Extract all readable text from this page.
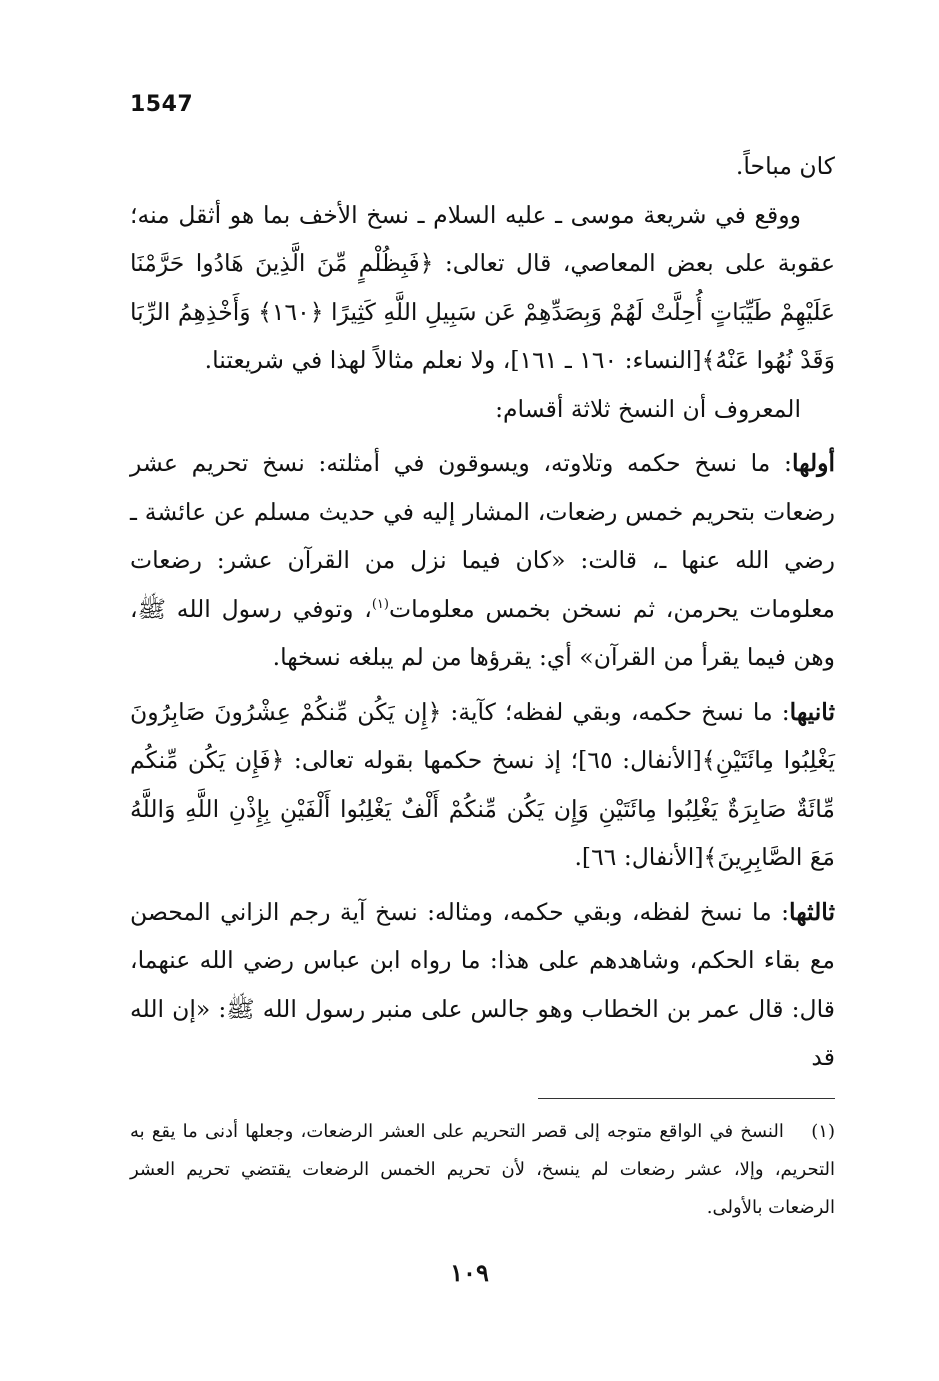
1547

كان مباحاً.

ووقع في شريعة موسى ـ عليه السلام ـ نسخ الأخف بما هو أثقل منه؛ عقوبة على بعض المعاصي، قال تعالى: ﴿فَبِظُلْمٍ مِّنَ الَّذِينَ هَادُوا حَرَّمْنَا عَلَيْهِمْ طَيِّبَاتٍ أُحِلَّتْ لَهُمْ وَبِصَدِّهِمْ عَن سَبِيلِ اللَّهِ كَثِيرًا ﴿١٦٠﴾ وَأَخْذِهِمُ الرِّبَا وَقَدْ نُهُوا عَنْهُ﴾[النساء: ١٦٠ ـ ١٦١]، ولا نعلم مثالاً لهذا في شريعتنا.

المعروف أن النسخ ثلاثة أقسام:

أولها: ما نسخ حكمه وتلاوته، ويسوقون في أمثلته: نسخ تحريم عشر رضعات بتحريم خمس رضعات، المشار إليه في حديث مسلم عن عائشة ـ رضي الله عنها ـ، قالت: «كان فيما نزل من القرآن عشر: رضعات معلومات يحرمن، ثم نسخن بخمس معلومات$^{(١)}$، وتوفي رسول الله ﷺ، وهن فيما يقرأ من القرآن» أي: يقرؤها من لم يبلغه نسخها.

ثانيها: ما نسخ حكمه، وبقي لفظه؛ كآية: ﴿إِن يَكُن مِّنكُمْ عِشْرُونَ صَابِرُونَ يَغْلِبُوا مِائَتَيْنِ﴾[الأنفال: ٦٥]؛ إذ نسخ حكمها بقوله تعالى: ﴿فَإِن يَكُن مِّنكُم مِّائَةٌ صَابِرَةٌ يَغْلِبُوا مِائَتَيْنِ وَإِن يَكُن مِّنكُمْ أَلْفٌ يَغْلِبُوا أَلْفَيْنِ بِإِذْنِ اللَّهِ وَاللَّهُ مَعَ الصَّابِرِينَ﴾[الأنفال: ٦٦].

ثالثها: ما نسخ لفظه، وبقي حكمه، ومثاله: نسخ آية رجم الزاني المحصن مع بقاء الحكم، وشاهدهم على هذا: ما رواه ابن عباس رضي الله عنهما، قال: قال عمر بن الخطاب وهو جالس على منبر رسول الله ﷺ: «إن الله قد

(١) النسخ في الواقع متوجه إلى قصر التحريم على العشر الرضعات، وجعلها أدنى ما يقع به التحريم، وإلا، عشر رضعات لم ينسخ، لأن تحريم الخمس الرضعات يقتضي تحريم العشر الرضعات بالأولى.
١٠٩
